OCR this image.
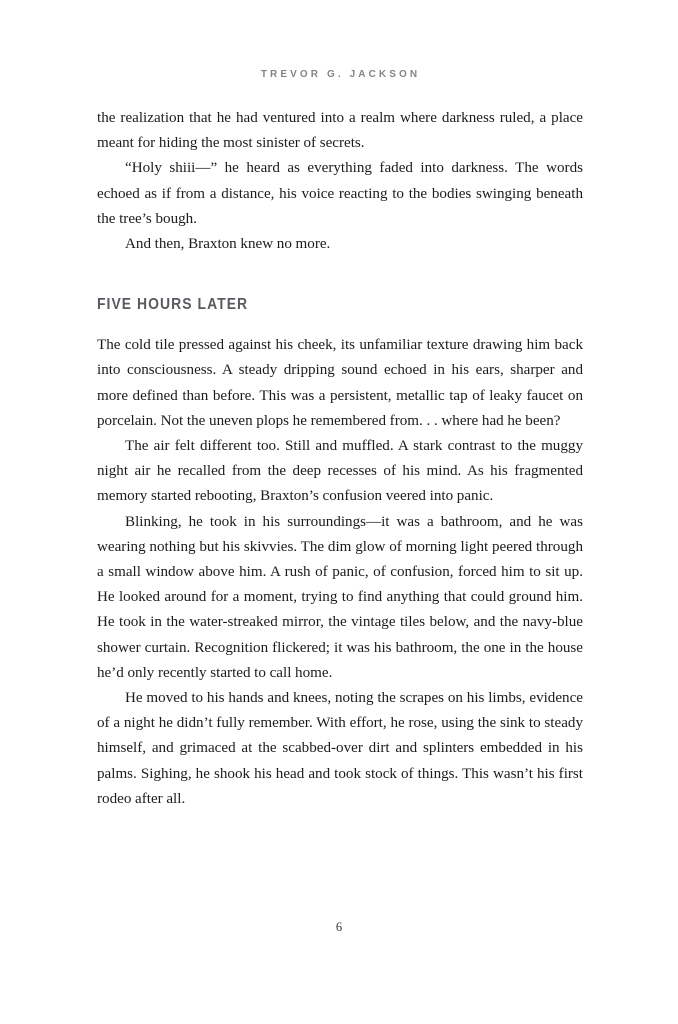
TREVOR G. JACKSON

the realization that he had ventured into a realm where darkness ruled, a place meant for hiding the most sinister of secrets.

“Holy shiii—” he heard as everything faded into darkness. The words echoed as if from a distance, his voice reacting to the bodies swinging beneath the tree’s bough.

And then, Braxton knew no more.

FIVE HOURS LATER

The cold tile pressed against his cheek, its unfamiliar texture drawing him back into consciousness. A steady dripping sound echoed in his ears, sharper and more defined than before. This was a persistent, metallic tap of leaky faucet on porcelain. Not the uneven plops he remembered from. . . where had he been?

The air felt different too. Still and muffled. A stark contrast to the muggy night air he recalled from the deep recesses of his mind. As his fragmented memory started rebooting, Braxton’s confusion veered into panic.

Blinking, he took in his surroundings—it was a bathroom, and he was wearing nothing but his skivvies. The dim glow of morning light peered through a small window above him. A rush of panic, of confusion, forced him to sit up. He looked around for a moment, trying to find anything that could ground him. He took in the water-streaked mirror, the vintage tiles below, and the navy-blue shower curtain. Recognition flickered; it was his bathroom, the one in the house he’d only recently started to call home.

He moved to his hands and knees, noting the scrapes on his limbs, evidence of a night he didn’t fully remember. With effort, he rose, using the sink to steady himself, and grimaced at the scabbed-over dirt and splinters embedded in his palms. Sighing, he shook his head and took stock of things. This wasn’t his first rodeo after all.

6
